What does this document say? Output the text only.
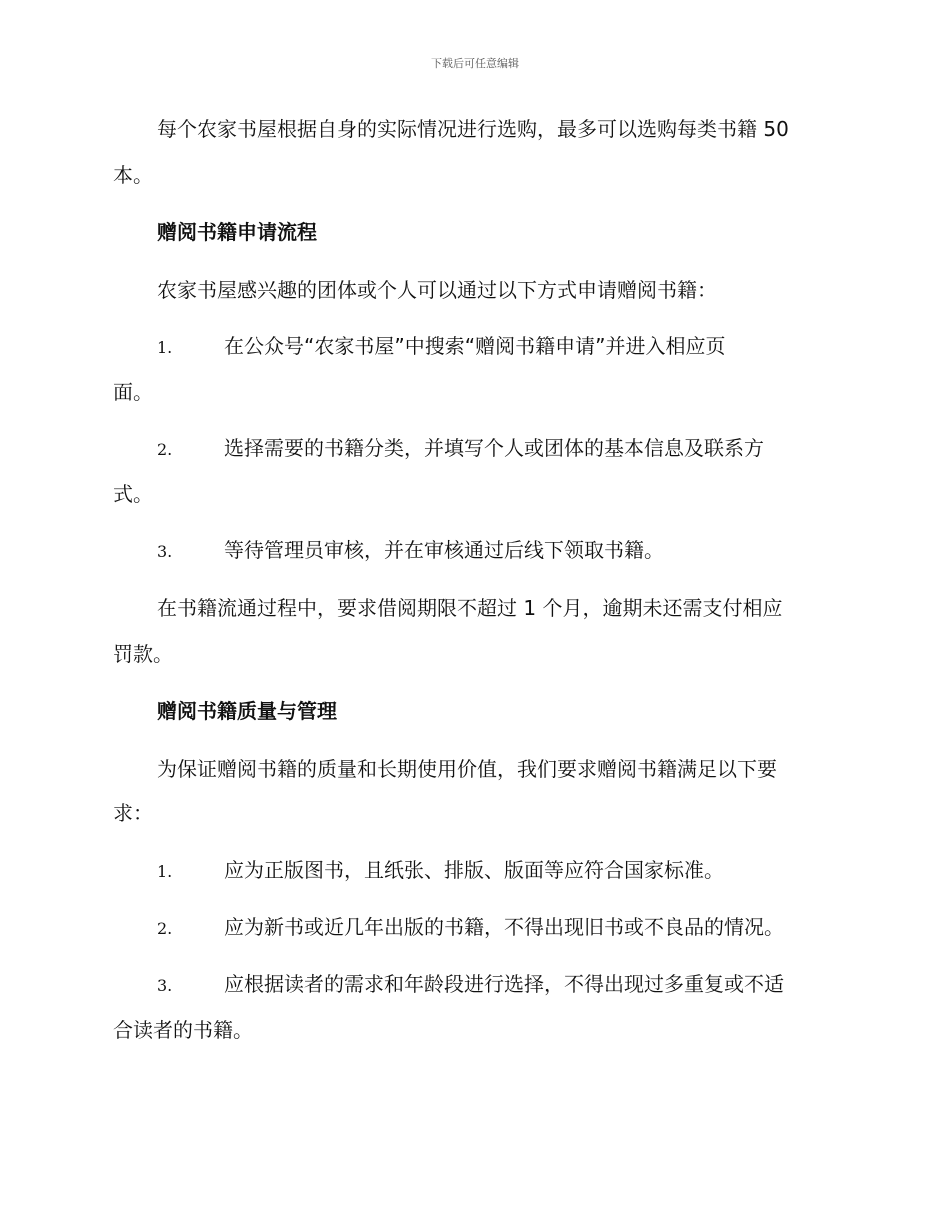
下载后可任意编辑
每个农家书屋根据自身的实际情况进行选购，最多可以选购每类书籍 50
本。
赠阅书籍申请流程
农家书屋感兴趣的团体或个人可以通过以下方式申请赠阅书籍：
1.	在公众号“农家书屋”中搜索“赠阅书籍申请”并进入相应页
面。
2.	选择需要的书籍分类，并填写个人或团体的基本信息及联系方
式。
3.	等待管理员审核，并在审核通过后线下领取书籍。
在书籍流通过程中，要求借阅期限不超过 1 个月，逾期未还需支付相应
罚款。
赠阅书籍质量与管理
为保证赠阅书籍的质量和长期使用价值，我们要求赠阅书籍满足以下要
求：
1.	应为正版图书，且纸张、排版、版面等应符合国家标准。
2.	应为新书或近几年出版的书籍，不得出现旧书或不良品的情况。
3.	应根据读者的需求和年龄段进行选择，不得出现过多重复或不适
合读者的书籍。
